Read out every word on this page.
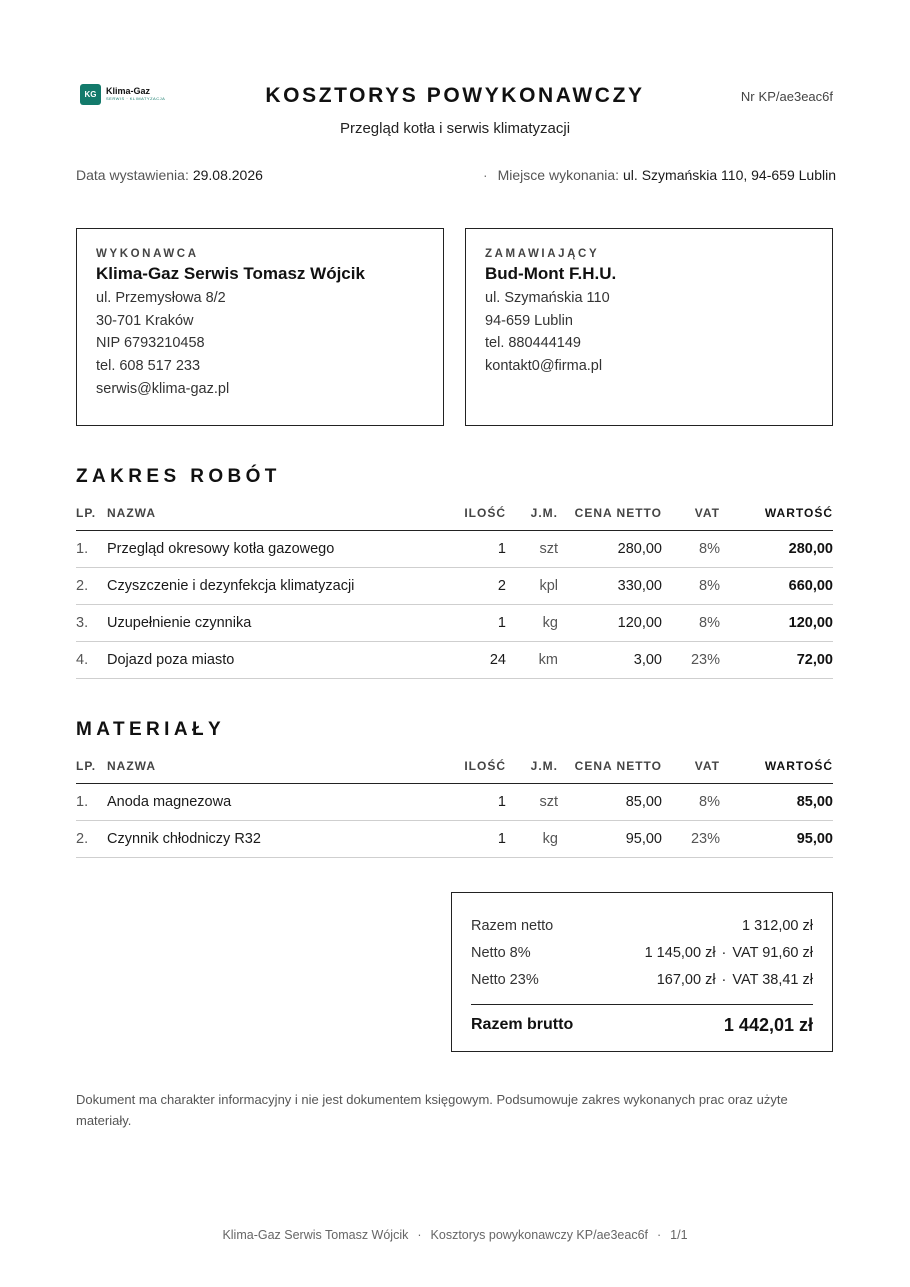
KG	Klima-Gaz
SERWIS · KLIMATYZACJA	KOSZTORYS POWYKONAWCZY
Przegląd kotła i serwis klimatyzacji
Nr KP/ae3eac6f
Data wystawienia: 29.08.2026	· Miejsce wykonania: ul. Szymańskia 110, 94-659 Lublin
WYKONAWCA
Klima-Gaz Serwis Tomasz Wójcik
ul. Przemysłowa 8/2
30-701 Kraków
NIP 6793210458
tel. 608 517 233
serwis@klima-gaz.pl
ZAMAWIAJĄCY
Bud-Mont F.H.U.
ul. Szymańskia 110
94-659 Lublin
tel. 880444149
kontakt0@firma.pl
ZAKRES ROBÓT
LP.	NAZWA	ILOŚĆ	J.M.	CENA NETTO	VAT	WARTOŚĆ
1.	Przegląd okresowy kotła gazowego	1	szt	280,00	8%	280,00
2.	Czyszczenie i dezynfekcja klimatyzacji	2	kpl	330,00	8%	660,00
3.	Uzupełnienie czynnika	1	kg	120,00	8%	120,00
4.	Dojazd poza miasto	24	km	3,00	23%	72,00
MATERIAŁY
LP.	NAZWA	ILOŚĆ	J.M.	CENA NETTO	VAT	WARTOŚĆ
1.	Anoda magnezowa	1	szt	85,00	8%	85,00
2.	Czynnik chłodniczy R32	1	kg	95,00	23%	95,00
Razem netto	1 312,00 zł
Netto 8%	1 145,00 zł · VAT 91,60 zł
Netto 23%	167,00 zł · VAT 38,41 zł
Razem brutto	1 442,01 zł
Dokument ma charakter informacyjny i nie jest dokumentem księgowym. Podsumowuje zakres wykonanych prac oraz użyte materiały.
Klima-Gaz Serwis Tomasz Wójcik · Kosztorys powykonawczy KP/ae3eac6f · 1/1
